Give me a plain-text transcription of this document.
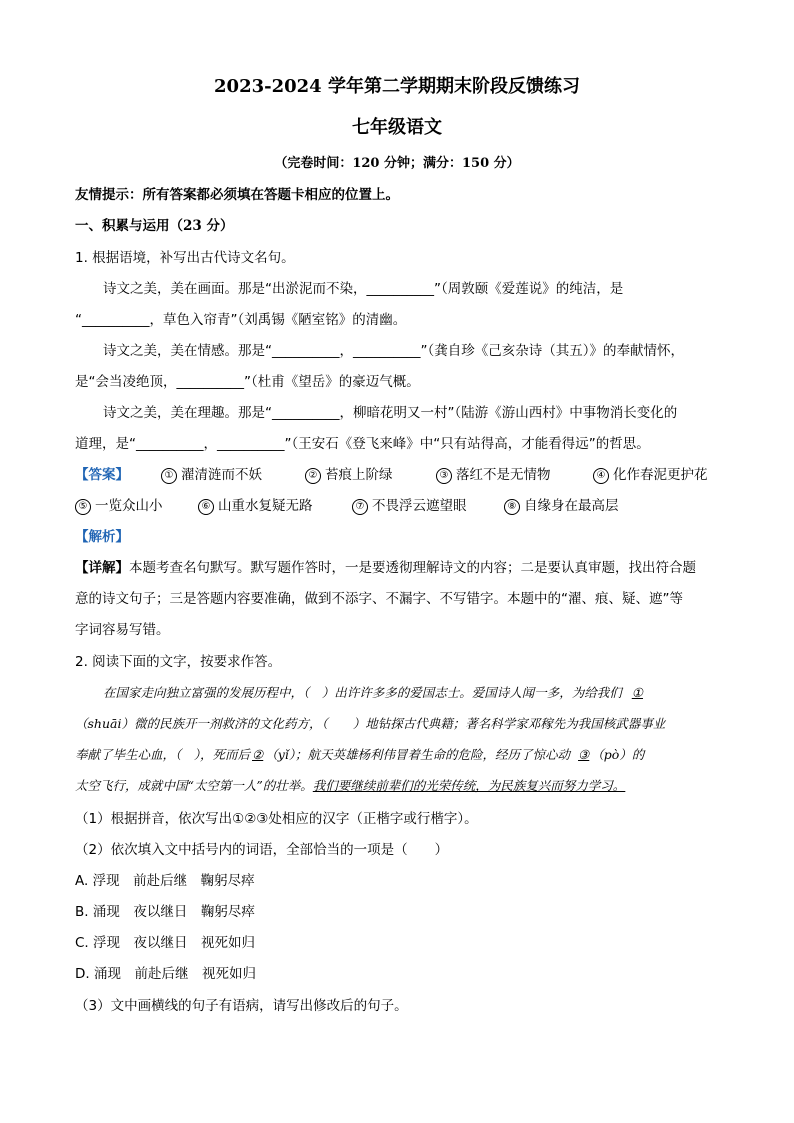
2023-2024 学年第二学期期末阶段反馈练习
七年级语文
（完卷时间：120 分钟；满分：150 分）
友情提示：所有答案都必须填在答题卡相应的位置上。
一、积累与运用（23 分）
1. 根据语境，补写出古代诗文名句。
诗文之美，美在画面。那是“出淤泥而不染，__________”（周敦颐《爱莲说》的纯洁，是
“__________，草色入帘青”（刘禹锡《陋室铭》的清幽。
诗文之美，美在情感。那是“__________，__________”（龚自珍《己亥杂诗（其五）》的奉献情怀，
是“会当凌绝顶，__________”（杜甫《望岳》的豪迈气概。
诗文之美，美在理趣。那是“__________，柳暗花明又一村”（陆游《游山西村》中事物消长变化的
道理，是“__________，__________”（王安石《登飞来峰》中“只有站得高，才能看得远”的哲思。
【答案】	① 濯清涟而不妖	② 苔痕上阶绿	③ 落红不是无情物	④ 化作春泥更护花
⑤ 一览众山小	⑥ 山重水复疑无路	⑦ 不畏浮云遮望眼	⑧ 自缘身在最高层
【解析】
【详解】本题考查名句默写。默写题作答时，一是要透彻理解诗文的内容；二是要认真审题，找出符合题
意的诗文句子；三是答题内容要准确，做到不添字、不漏字、不写错字。本题中的“濯、痕、疑、遮”等
字词容易写错。
2. 阅读下面的文字，按要求作答。
在国家走向独立富强的发展历程中，（　）出许许多多的爱国志士。爱国诗人闻一多，为给我们 ①
（shuāi）微的民族开一剂救济的文化药方，（　　）地钻探古代典籍；著名科学家邓稼先为我国核武器事业
奉献了毕生心血，（　），死而后 ② （yǐ）；航天英雄杨利伟冒着生命的危险，经历了惊心动 ③ （pò）的
太空飞行，成就中国“太空第一人”的壮举。我们要继续前辈们的光荣传统，为民族复兴而努力学习。
（1）根据拼音，依次写出①②③处相应的汉字（正楷字或行楷字）。
（2）依次填入文中括号内的词语，全部恰当的一项是（　　）
A. 浮现　前赴后继　鞠躬尽瘁
B. 涌现　夜以继日　鞠躬尽瘁
C. 浮现　夜以继日　视死如归
D. 涌现　前赴后继　视死如归
（3）文中画横线的句子有语病，请写出修改后的句子。
